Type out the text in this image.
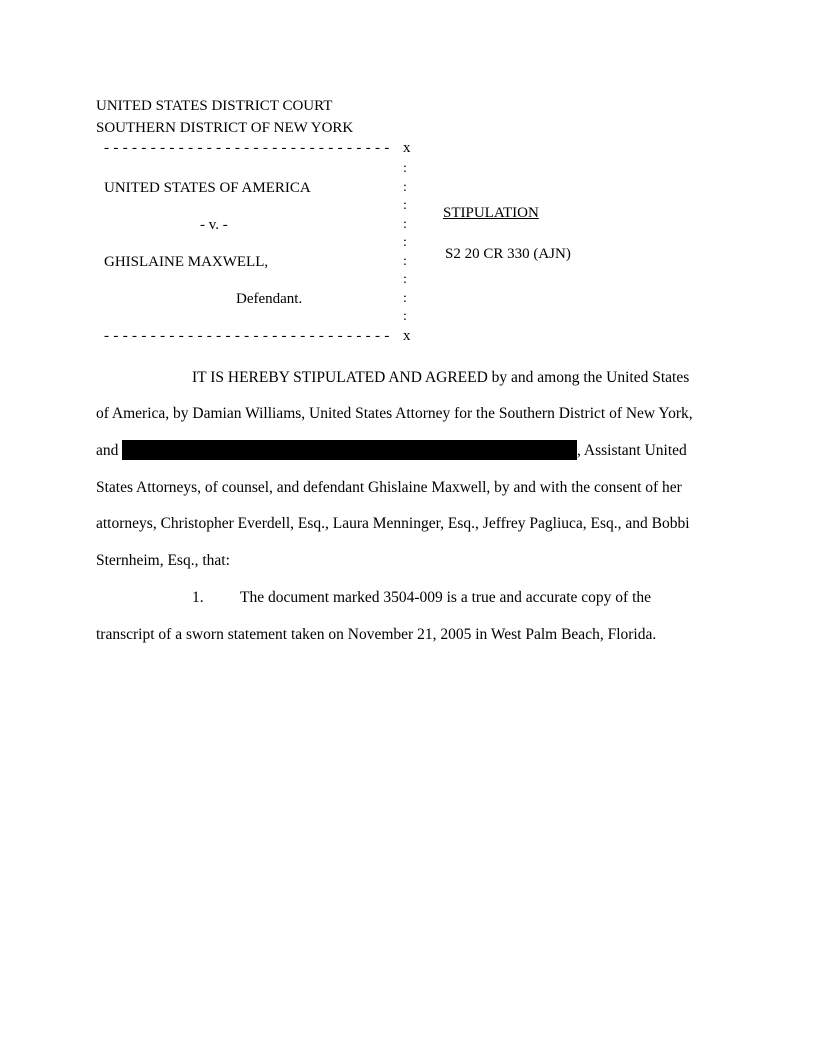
UNITED STATES DISTRICT COURT
SOUTHERN DISTRICT OF NEW YORK
- - - - - - - - - - - - - - - - - - - - - - - - - - - - - - - x
:
:
:
:
:
:
:
:
:
- - - - - - - - - - - - - - - - - - - - - - - - - - - - - - - x
UNITED STATES OF AMERICA
- v. -
GHISLAINE MAXWELL,
Defendant.
STIPULATION
S2 20 CR 330 (AJN)
IT IS HEREBY STIPULATED AND AGREED by and among the United States
of America, by Damian Williams, United States Attorney for the Southern District of New York,
and	, Assistant United
States Attorneys, of counsel, and defendant Ghislaine Maxwell, by and with the consent of her
attorneys, Christopher Everdell, Esq., Laura Menninger, Esq., Jeffrey Pagliuca, Esq., and Bobbi
Sternheim, Esq., that:
1. The document marked 3504-009 is a true and accurate copy of the
transcript of a sworn statement taken on November 21, 2005 in West Palm Beach, Florida.
